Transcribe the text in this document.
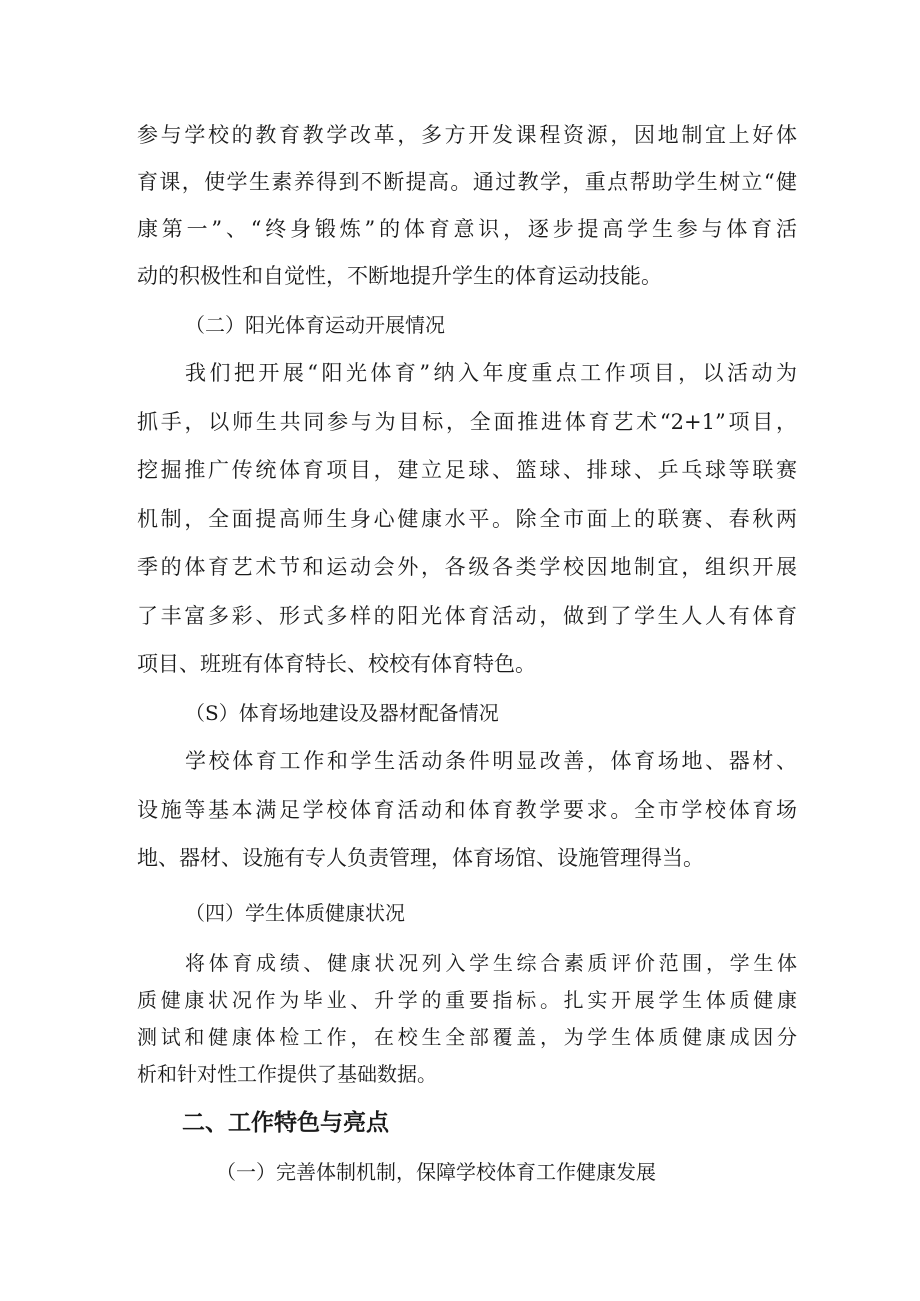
参与学校的教育教学改革，多方开发课程资源，因地制宜上好体
育课，使学生素养得到不断提高。通过教学，重点帮助学生树立“健
康第一”、“终身锻炼”的体育意识，逐步提高学生参与体育活
动的积极性和自觉性，不断地提升学生的体育运动技能。
（二）阳光体育运动开展情况
我们把开展“阳光体育”纳入年度重点工作项目，以活动为
抓手，以师生共同参与为目标，全面推进体育艺术“2+1”项目，
挖掘推广传统体育项目，建立足球、篮球、排球、乒乓球等联赛
机制，全面提高师生身心健康水平。除全市面上的联赛、春秋两
季的体育艺术节和运动会外，各级各类学校因地制宜，组织开展
了丰富多彩、形式多样的阳光体育活动，做到了学生人人有体育
项目、班班有体育特长、校校有体育特色。
（S）体育场地建设及器材配备情况
学校体育工作和学生活动条件明显改善，体育场地、器材、
设施等基本满足学校体育活动和体育教学要求。全市学校体育场
地、器材、设施有专人负责管理，体育场馆、设施管理得当。
（四）学生体质健康状况
将体育成绩、健康状况列入学生综合素质评价范围，学生体
质健康状况作为毕业、升学的重要指标。扎实开展学生体质健康
测试和健康体检工作，在校生全部覆盖，为学生体质健康成因分
析和针对性工作提供了基础数据。
二、工作特色与亮点
（一）完善体制机制，保障学校体育工作健康发展
